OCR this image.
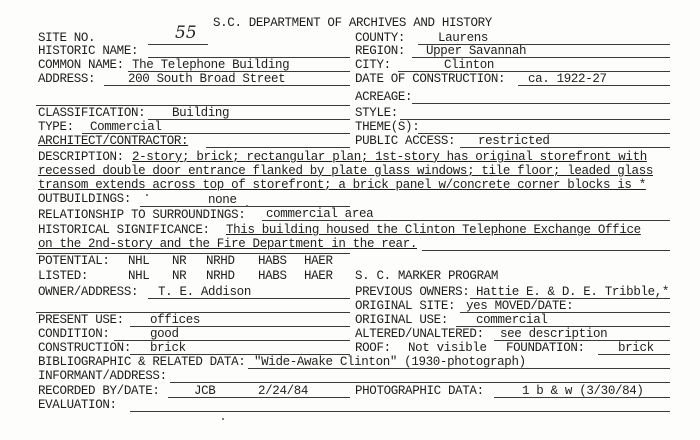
S.C. DEPARTMENT OF ARCHIVES AND HISTORY
SITE NO.	55	COUNTY:	Laurens
HISTORIC NAME:	REGION: Upper Savannah
COMMON NAME: The Telephone Building	CITY:	Clinton
ADDRESS:	200 South Broad Street	DATE OF CONSTRUCTION: ca. 1922-27
ACREAGE:
CLASSIFICATION: Building	STYLE:
TYPE: Commercial	THEME(S):
ARCHITECT/CONTRACTOR:	PUBLIC ACCESS: restricted
DESCRIPTION: 2-story; brick; rectangular plan; 1st-story has original storefront with
recessed double door entrance flanked by plate glass windows; tile floor; leaded glass
transom extends across top of storefront; a brick panel w/concrete corner blocks is *
OUTBUILDINGS:	none
RELATIONSHIP TO SURROUNDINGS: commercial area
HISTORICAL SIGNIFICANCE: This building housed the Clinton Telephone Exchange Office
on the 2nd-story and the Fire Department in the rear.
POTENTIAL: NHL NR NRHD HABS HAER
LISTED:	NHL NR NRHD HABS HAER S. C. MARKER PROGRAM
OWNER/ADDRESS: T. E. Addison	PREVIOUS OWNERS: Hattie E. & D. E. Tribble,*
ORIGINAL SITE: yes MOVED/DATE:
PRESENT USE: offices	ORIGINAL USE: commercial
CONDITION:	good	ALTERED/UNALTERED: see description
CONSTRUCTION: brick	ROOF: Not visible FOUNDATION:	brick
BIBLIOGRAPHIC & RELATED DATA: "Wide-Awake Clinton" (1930-photograph)
INFORMANT/ADDRESS:
RECORDED BY/DATE:	JCB	2/24/84	PHOTOGRAPHIC DATA:	1 b & w (3/30/84)
EVALUATION:
